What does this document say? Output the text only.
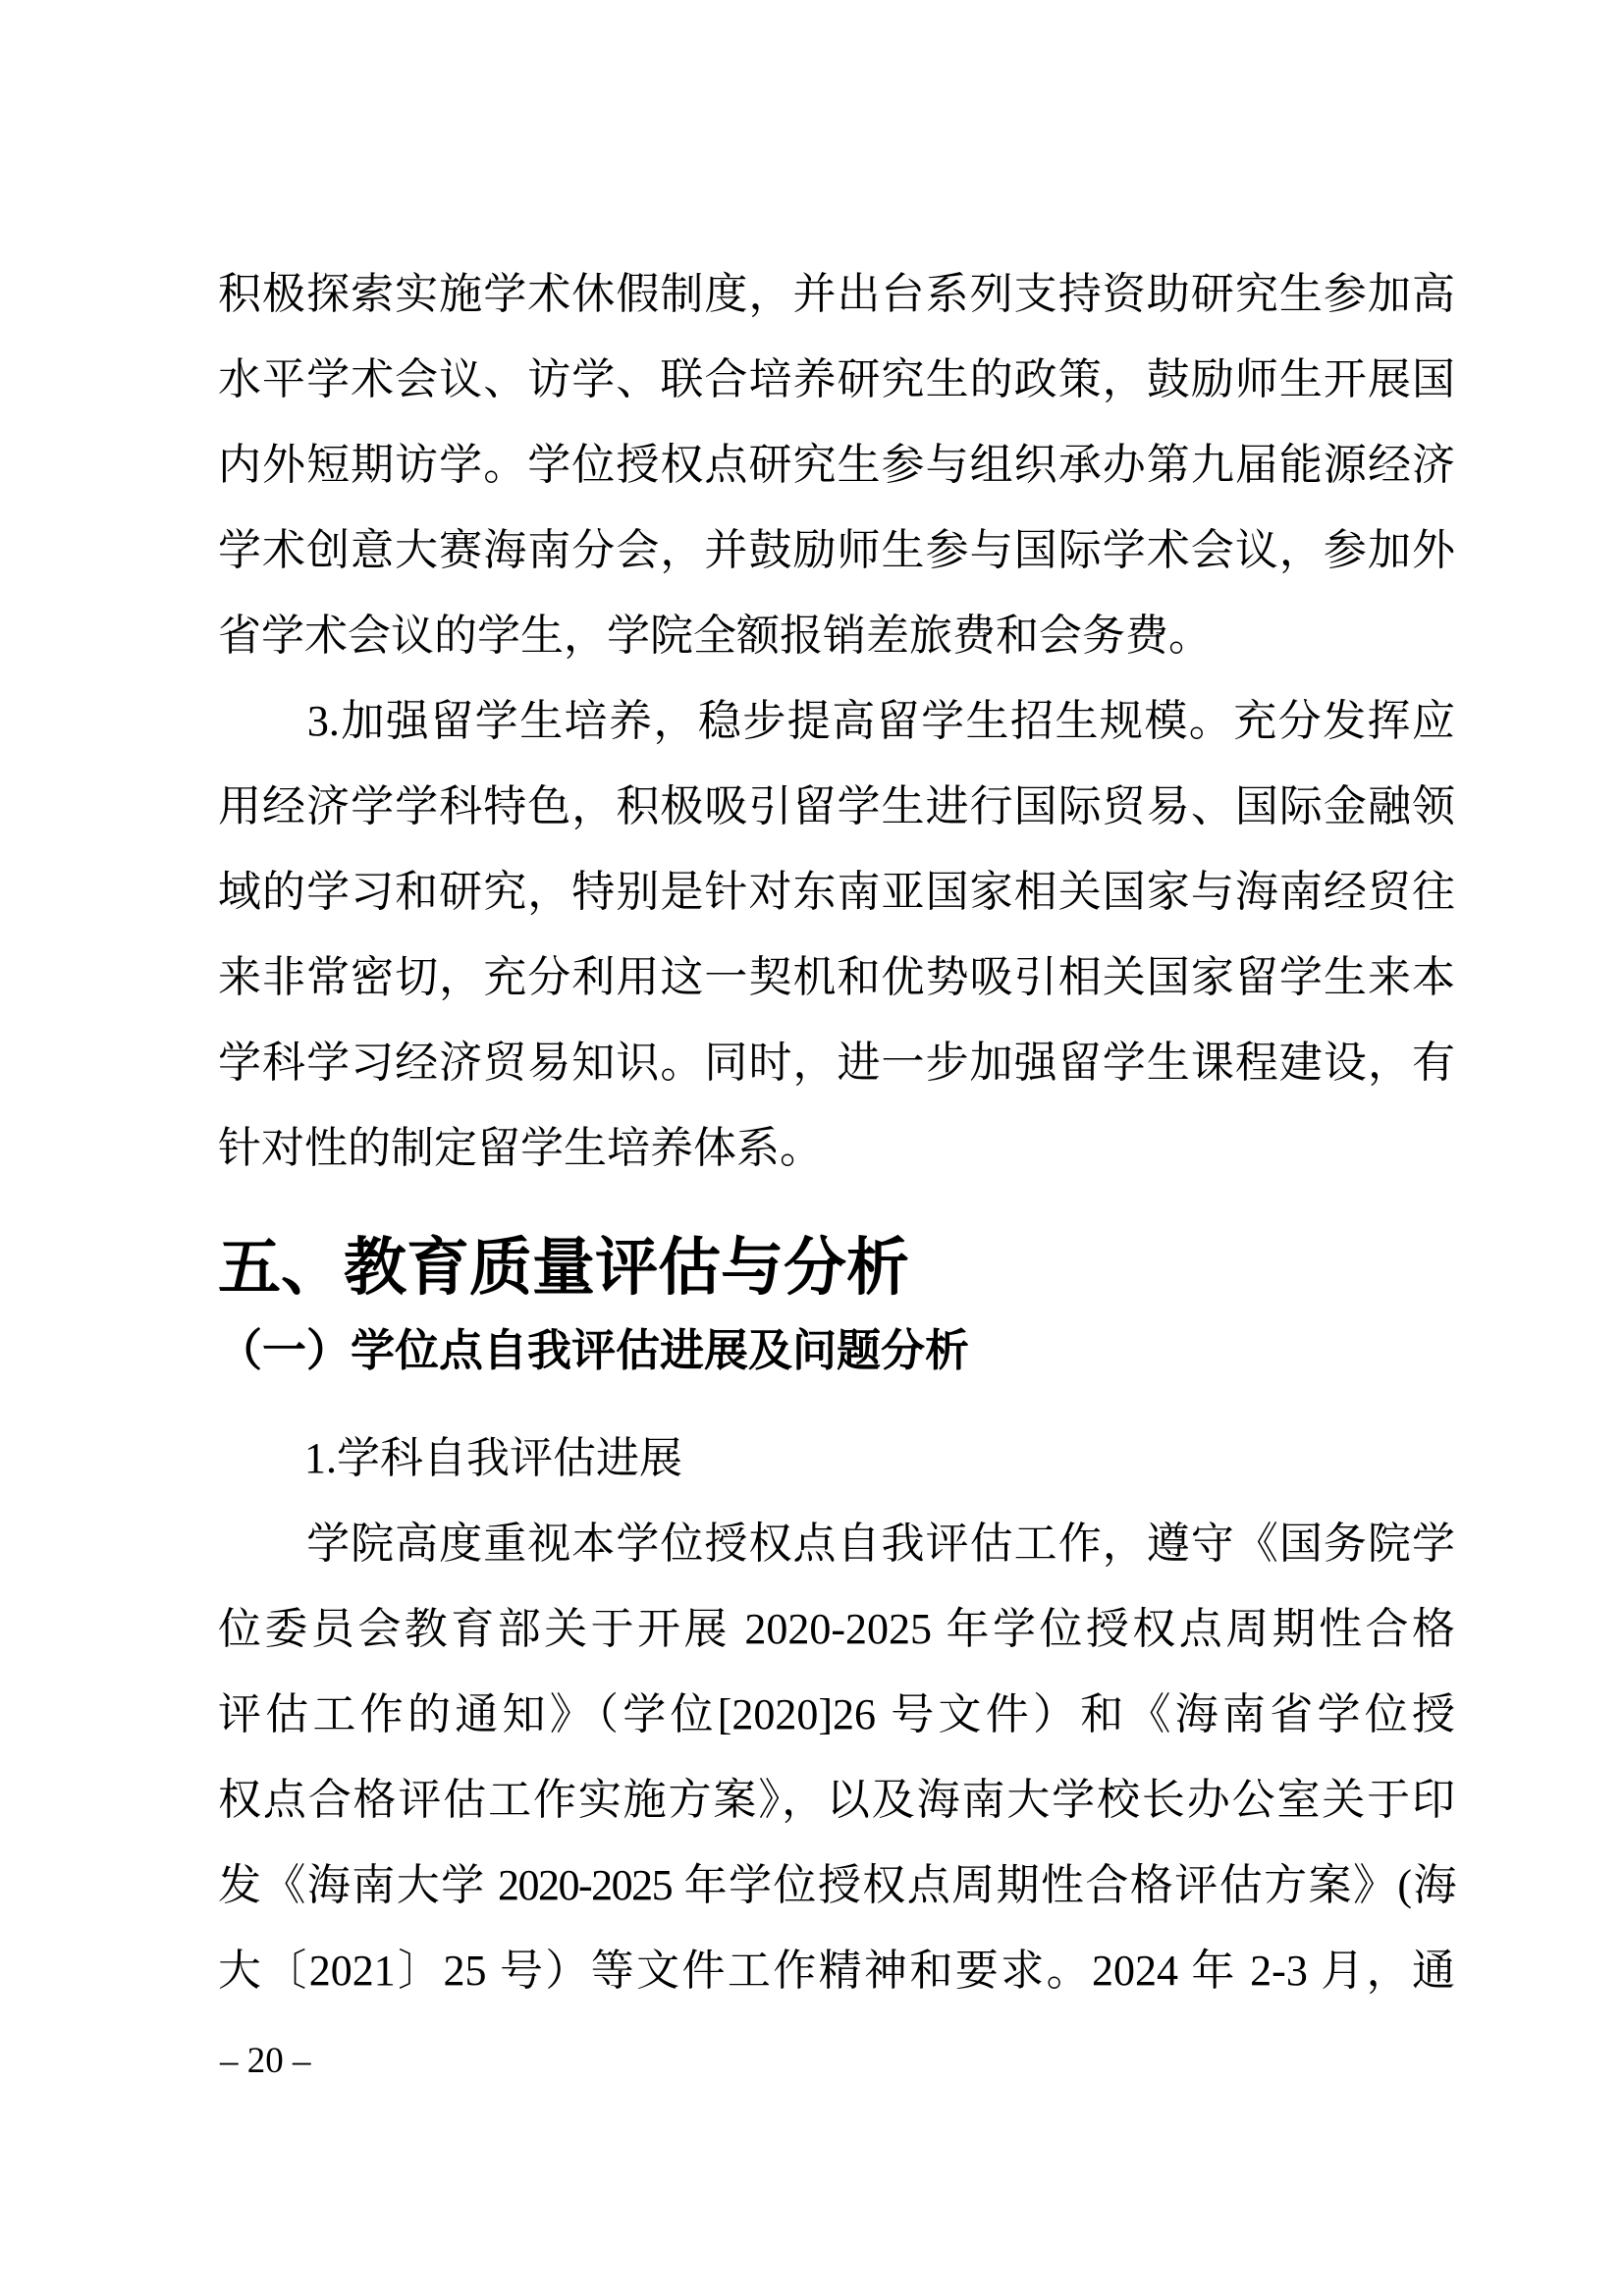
积极探索实施学术休假制度，并出台系列支持资助研究生参加高
水平学术会议、访学、联合培养研究生的政策，鼓励师生开展国
内外短期访学。学位授权点研究生参与组织承办第九届能源经济
学术创意大赛海南分会，并鼓励师生参与国际学术会议，参加外
省学术会议的学生，学院全额报销差旅费和会务费。
　　3.加强留学生培养，稳步提高留学生招生规模。充分发挥应
用经济学学科特色，积极吸引留学生进行国际贸易、国际金融领
域的学习和研究，特别是针对东南亚国家相关国家与海南经贸往
来非常密切，充分利用这一契机和优势吸引相关国家留学生来本
学科学习经济贸易知识。同时，进一步加强留学生课程建设，有
针对性的制定留学生培养体系。
五、教育质量评估与分析
（一）学位点自我评估进展及问题分析
　　1.学科自我评估进展
　　学院高度重视本学位授权点自我评估工作，遵守《国务院学
位委员会教育部关于开展 2020-2025 年学位授权点周期性合格
评估工作的通知》（学位[2020]26 号文件）和《海南省学位授
权点合格评估工作实施方案》，以及海南大学校长办公室关于印
发《海南大学 2020-2025 年学位授权点周期性合格评估方案》(海
大〔2021〕25 号）等文件工作精神和要求。2024 年 2-3 月，通
– 20 –
